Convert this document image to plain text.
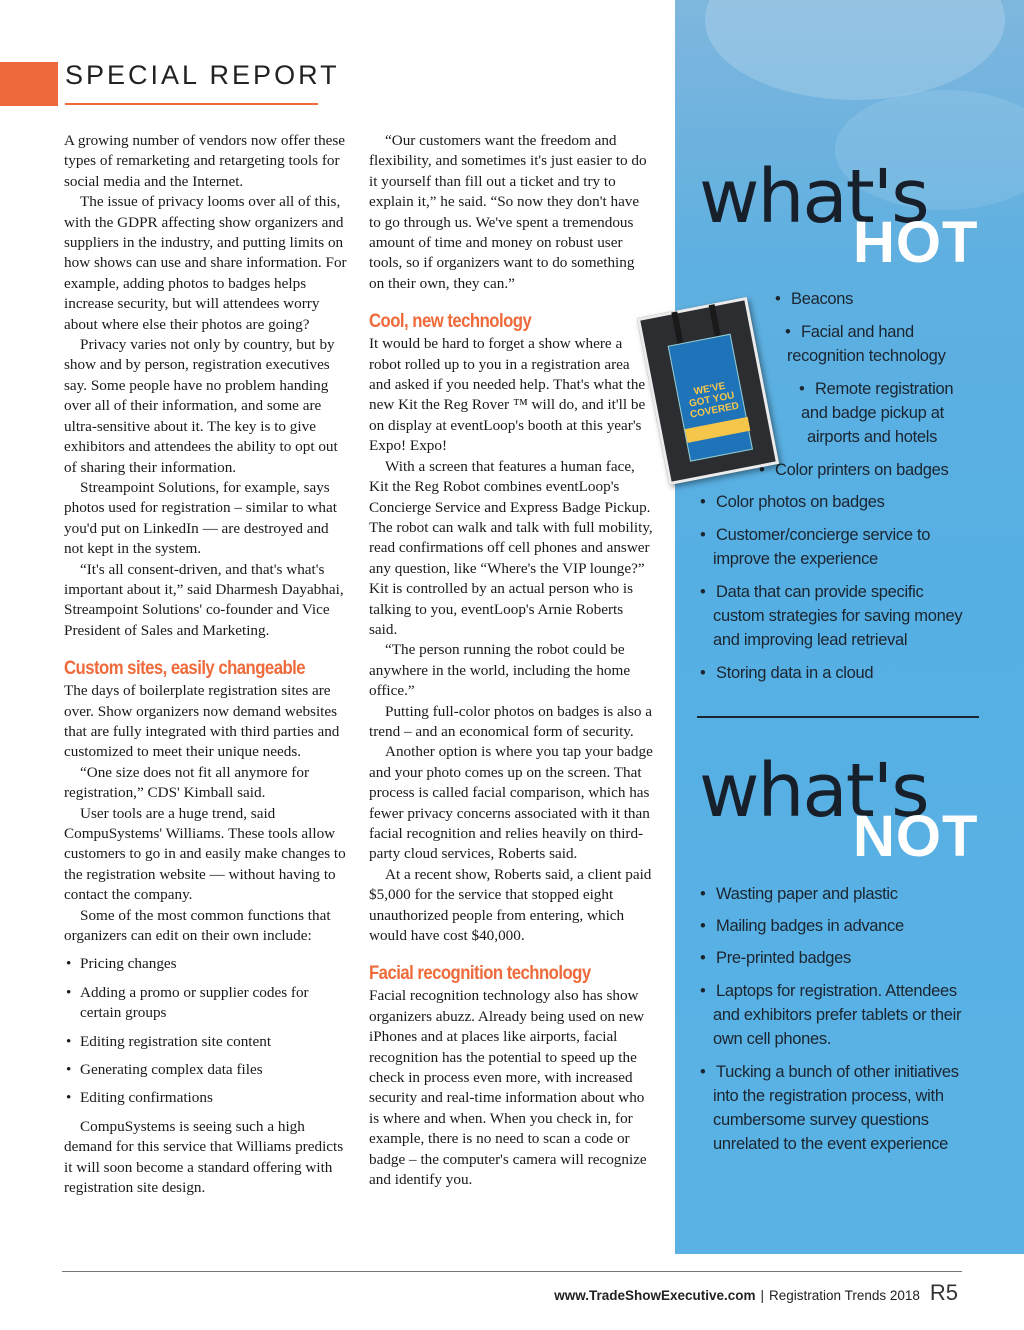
SPECIAL REPORT

A growing number of vendors now offer these types of remarketing and retargeting tools for social media and the Internet.

The issue of privacy looms over all of this, with the GDPR affecting show organizers and suppliers in the industry, and putting limits on how shows can use and share information. For example, adding photos to badges helps increase security, but will attendees worry about where else their photos are going?

Privacy varies not only by country, but by show and by person, registration executives say. Some people have no problem handing over all of their information, and some are ultra-sensitive about it. The key is to give exhibitors and attendees the ability to opt out of sharing their information.

Streampoint Solutions, for example, says photos used for registration – similar to what you'd put on LinkedIn — are destroyed and not kept in the system.

“It's all consent-driven, and that's what's important about it,” said Dharmesh Dayabhai, Streampoint Solutions' co-founder and Vice President of Sales and Marketing.

Custom sites, easily changeable

The days of boilerplate registration sites are over. Show organizers now demand websites that are fully integrated with third parties and customized to meet their unique needs.

“One size does not fit all anymore for registration,” CDS' Kimball said.

User tools are a huge trend, said CompuSystems' Williams. These tools allow customers to go in and easily make changes to the registration website — without having to contact the company.

Some of the most common functions that organizers can edit on their own include:

• Pricing changes
• Adding a promo or supplier codes for certain groups
• Editing registration site content
• Generating complex data files
• Editing confirmations

CompuSystems is seeing such a high demand for this service that Williams predicts it will soon become a standard offering with registration site design.

“Our customers want the freedom and flexibility, and sometimes it's just easier to do it yourself than fill out a ticket and try to explain it,” he said. “So now they don't have to go through us. We've spent a tremendous amount of time and money on robust user tools, so if organizers want to do something on their own, they can.”

Cool, new technology

It would be hard to forget a show where a robot rolled up to you in a registration area and asked if you needed help. That's what the new Kit the Reg Rover ™ will do, and it'll be on display at eventLoop's booth at this year's Expo! Expo!

With a screen that features a human face, Kit the Reg Robot combines eventLoop's Concierge Service and Express Badge Pickup. The robot can walk and talk with full mobility, read confirmations off cell phones and answer any question, like “Where's the VIP lounge?” Kit is controlled by an actual person who is talking to you, eventLoop's Arnie Roberts said.

“The person running the robot could be anywhere in the world, including the home office.”

Putting full-color photos on badges is also a trend – and an economical form of security.

Another option is where you tap your badge and your photo comes up on the screen. That process is called facial comparison, which has fewer privacy concerns associated with it than facial recognition and relies heavily on third-party cloud services, Roberts said.

At a recent show, Roberts said, a client paid $5,000 for the service that stopped eight unauthorized people from entering, which would have cost $40,000.

Facial recognition technology

Facial recognition technology also has show organizers abuzz. Already being used on new iPhones and at places like airports, facial recognition has the potential to speed up the check in process even more, with increased security and real-time information about who is where and when. When you check in, for example, there is no need to scan a code or badge – the computer's camera will recognize and identify you.

what's
HOT
• Beacons
• Facial and hand
recognition technology
• Remote registration
and badge pickup at
airports and hotels
• Color printers on badges
• Color photos on badges
• Customer/concierge service to
improve the experience
• Data that can provide specific
custom strategies for saving money
and improving lead retrieval
• Storing data in a cloud
what's
NOT
• Wasting paper and plastic
• Mailing badges in advance
• Pre-printed badges
• Laptops for registration. Attendees
and exhibitors prefer tablets or their
own cell phones.
• Tucking a bunch of other initiatives
into the registration process, with
cumbersome survey questions
unrelated to the event experience
WE'VE GOT YOU COVERED
www.TradeShowExecutive.com | Registration Trends 2018 R5
